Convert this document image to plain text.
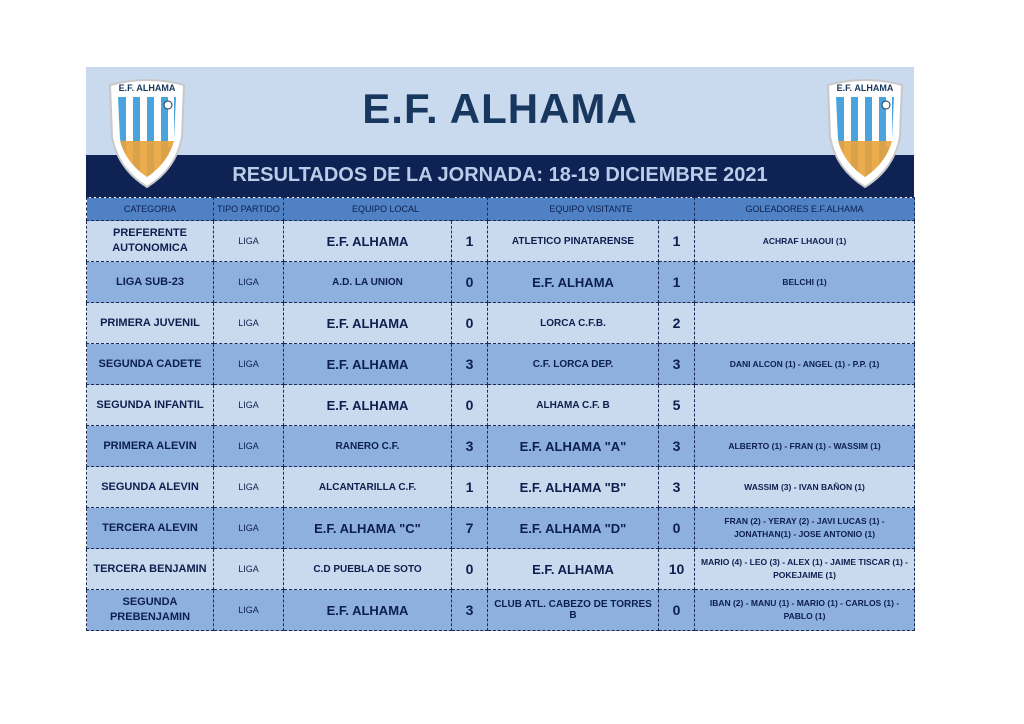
E.F. ALHAMA
RESULTADOS DE LA JORNADA: 18-19 DICIEMBRE 2021
E.F. ALHAMA	E.F. ALHAMA
CATEGORIA	TIPO PARTIDO	EQUIPO LOCAL		EQUIPO VISITANTE		GOLEADORES E.F.ALHAMA
PREFERENTE AUTONOMICA	LIGA	E.F. ALHAMA	1	ATLETICO PINATARENSE	1	ACHRAF LHAOUI (1)
LIGA SUB-23	LIGA	A.D. LA UNION	0	E.F. ALHAMA	1	BELCHI (1)
PRIMERA JUVENIL	LIGA	E.F. ALHAMA	0	LORCA C.F.B.	2	
SEGUNDA CADETE	LIGA	E.F. ALHAMA	3	C.F. LORCA DEP.	3	DANI ALCON (1) - ANGEL (1) - P.P. (1)
SEGUNDA INFANTIL	LIGA	E.F. ALHAMA	0	ALHAMA C.F. B	5	
PRIMERA ALEVIN	LIGA	RANERO C.F.	3	E.F. ALHAMA "A"	3	ALBERTO (1) - FRAN (1) - WASSIM (1)
SEGUNDA ALEVIN	LIGA	ALCANTARILLA C.F.	1	E.F. ALHAMA "B"	3	WASSIM (3) - IVAN BAÑON (1)
TERCERA ALEVIN	LIGA	E.F. ALHAMA "C"	7	E.F. ALHAMA "D"	0	FRAN (2) - YERAY (2) - JAVI LUCAS (1) - JONATHAN(1) - JOSE ANTONIO (1)
TERCERA BENJAMIN	LIGA	C.D PUEBLA DE SOTO	0	E.F. ALHAMA	10	MARIO (4) - LEO (3) - ALEX (1) - JAIME TISCAR (1) - POKEJAIME (1)
SEGUNDA PREBENJAMIN	LIGA	E.F. ALHAMA	3	CLUB ATL. CABEZO DE TORRES B	0	IBAN (2) - MANU (1) - MARIO (1) - CARLOS (1) - PABLO (1)
